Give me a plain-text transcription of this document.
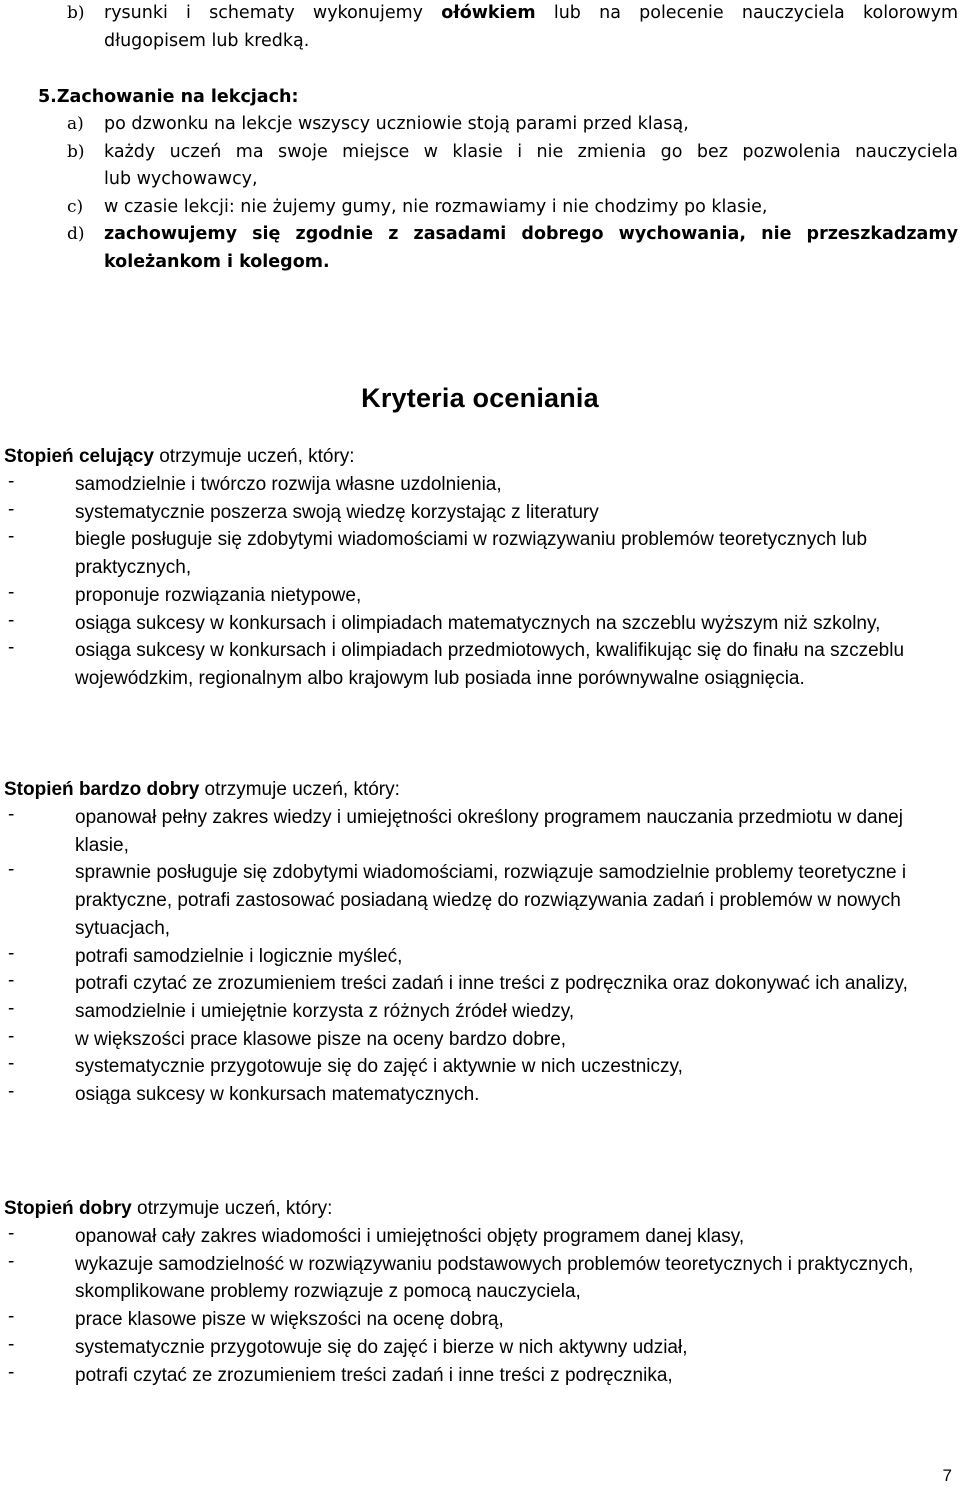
b) rysunki i schematy wykonujemy ołówkiem lub na polecenie nauczyciela kolorowym
długopisem lub kredką.
5.Zachowanie na lekcjach:
a) po dzwonku na lekcje wszyscy uczniowie stoją parami przed klasą,
b) każdy uczeń ma swoje miejsce w klasie i nie zmienia go bez pozwolenia nauczyciela
lub wychowawcy,
c) w czasie lekcji: nie żujemy gumy, nie rozmawiamy i nie chodzimy po klasie,
d) zachowujemy się zgodnie z zasadami dobrego wychowania, nie przeszkadzamy
koleżankom i kolegom.
Kryteria oceniania
Stopień celujący otrzymuje uczeń, który:
-	samodzielnie i twórczo rozwija własne uzdolnienia,
-	systematycznie poszerza swoją wiedzę korzystając z literatury
-	biegle posługuje się zdobytymi wiadomościami w rozwiązywaniu problemów teoretycznych lub praktycznych,
-	proponuje rozwiązania nietypowe,
-	osiąga sukcesy w konkursach i olimpiadach matematycznych na szczeblu wyższym niż szkolny,
-	osiąga sukcesy w konkursach i olimpiadach przedmiotowych, kwalifikując się do finału na szczeblu wojewódzkim, regionalnym albo krajowym lub posiada inne porównywalne osiągnięcia.
Stopień bardzo dobry otrzymuje uczeń, który:
-	opanował pełny zakres wiedzy i umiejętności określony programem nauczania przedmiotu w danej klasie,
-	sprawnie posługuje się zdobytymi wiadomościami, rozwiązuje samodzielnie problemy teoretyczne i praktyczne, potrafi zastosować posiadaną wiedzę do rozwiązywania zadań i problemów w nowych sytuacjach,
-	potrafi samodzielnie i logicznie myśleć,
-	potrafi czytać ze zrozumieniem treści zadań i inne treści z podręcznika oraz dokonywać ich analizy,
-	samodzielnie i umiejętnie korzysta z różnych źródeł wiedzy,
-	w większości prace klasowe pisze na oceny bardzo dobre,
-	systematycznie przygotowuje się do zajęć i aktywnie w nich uczestniczy,
-	osiąga sukcesy w konkursach matematycznych.
Stopień dobry otrzymuje uczeń, który:
-	opanował cały zakres wiadomości i umiejętności objęty programem danej klasy,
-	wykazuje samodzielność w rozwiązywaniu podstawowych problemów teoretycznych i praktycznych, skomplikowane problemy rozwiązuje z pomocą nauczyciela,
-	prace klasowe pisze w większości na ocenę dobrą,
-	systematycznie przygotowuje się do zajęć i bierze w nich aktywny udział,
-	potrafi czytać ze zrozumieniem treści zadań i inne treści z podręcznika,
7
